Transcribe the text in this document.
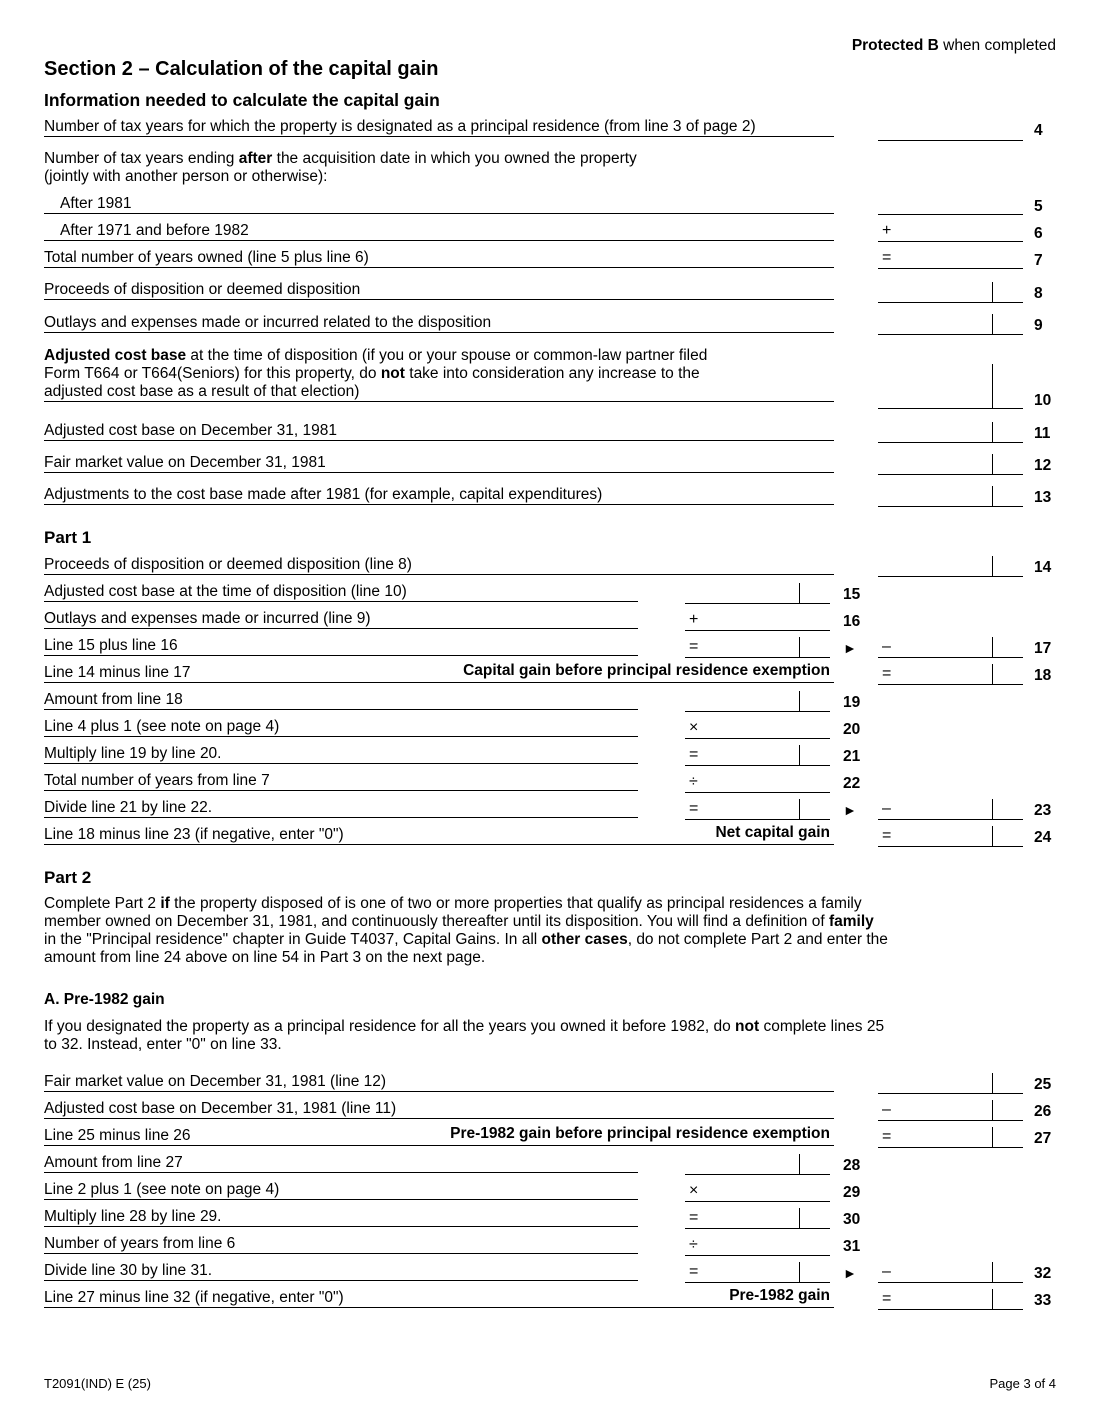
Protected B when completed
Section 2 – Calculation of the capital gain
Information needed to calculate the capital gain
Number of tax years for which the property is designated as a principal residence (from line 3 of page 2)	4
Number of tax years ending after the acquisition date in which you owned the property
(jointly with another person or otherwise):
After 1981	5
After 1971 and before 1982	+	6
Total number of years owned (line 5 plus line 6)	=	7
Proceeds of disposition or deemed disposition	8
Outlays and expenses made or incurred related to the disposition	9
Adjusted cost base at the time of disposition (if you or your spouse or common-law partner filed
Form T664 or T664(Seniors) for this property, do not take into consideration any increase to the
adjusted cost base as a result of that election)
10
Adjusted cost base on December 31, 1981	11
Fair market value on December 31, 1981	12
Adjustments to the cost base made after 1981 (for example, capital expenditures)	13
Part 1
Proceeds of disposition or deemed disposition (line 8)	14
Adjusted cost base at the time of disposition (line 10)	15
Outlays and expenses made or incurred (line 9)	+	16
Line 15 plus line 16	=	► –	17
Line 14 minus line 17	Capital gain before principal residence exemption	=	18
Amount from line 18	19
Line 4 plus 1 (see note on page 4)	×	20
Multiply line 19 by line 20.	=	21
Total number of years from line 7	÷	22
Divide line 21 by line 22.	=	► –	23
Line 18 minus line 23 (if negative, enter "0")	Net capital gain	=	24
Part 2
Complete Part 2 if the property disposed of is one of two or more properties that qualify as principal residences a family
member owned on December 31, 1981, and continuously thereafter until its disposition. You will find a definition of family
in the "Principal residence" chapter in Guide T4037, Capital Gains. In all other cases, do not complete Part 2 and enter the
amount from line 24 above on line 54 in Part 3 on the next page.
A. Pre-1982 gain
If you designated the property as a principal residence for all the years you owned it before 1982, do not complete lines 25
to 32. Instead, enter "0" on line 33.
Fair market value on December 31, 1981 (line 12)	25
Adjusted cost base on December 31, 1981 (line 11)	–	26
Line 25 minus line 26	Pre-1982 gain before principal residence exemption	=	27
Amount from line 27	28
Line 2 plus 1 (see note on page 4)	×	29
Multiply line 28 by line 29.	=	30
Number of years from line 6	÷	31
Divide line 30 by line 31.	=	► –	32
Line 27 minus line 32 (if negative, enter "0")	Pre-1982 gain	=	33
T2091(IND) E (25)	Page 3 of 4
